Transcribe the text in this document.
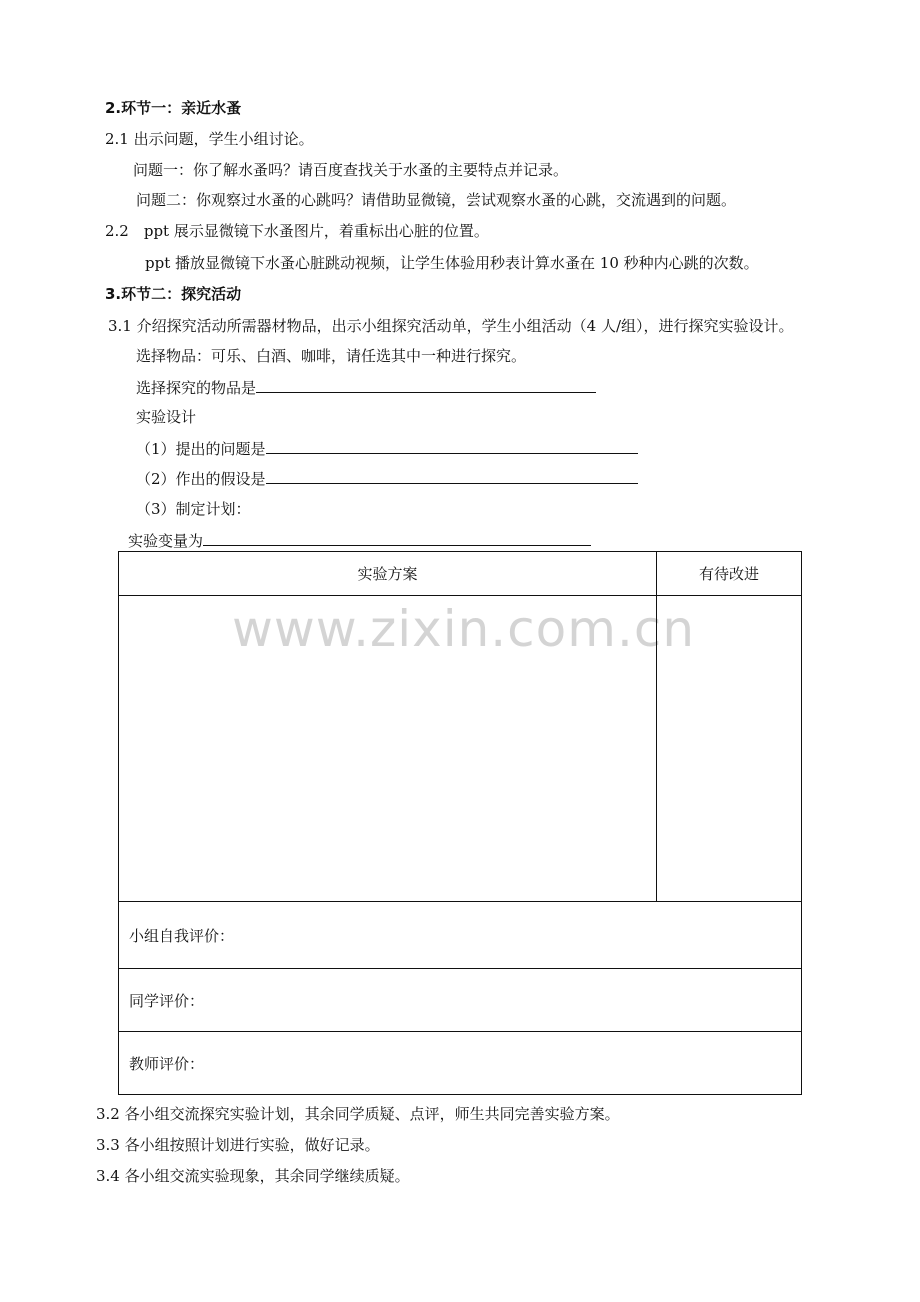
www.zixin.com.cn
2.环节一：亲近水蚤
2.1 出示问题，学生小组讨论。
问题一：你了解水蚤吗？请百度查找关于水蚤的主要特点并记录。
问题二：你观察过水蚤的心跳吗？请借助显微镜，尝试观察水蚤的心跳，交流遇到的问题。
2.2　ppt 展示显微镜下水蚤图片，着重标出心脏的位置。
ppt 播放显微镜下水蚤心脏跳动视频，让学生体验用秒表计算水蚤在 10 秒种内心跳的次数。
3.环节二：探究活动
3.1 介绍探究活动所需器材物品，出示小组探究活动单，学生小组活动（4 人/组），进行探究实验设计。
选择物品：可乐、白酒、咖啡，请任选其中一种进行探究。
选择探究的物品是
实验设计
（1）提出的问题是
（2）作出的假设是
（3）制定计划：
实验变量为
实验方案	有待改进

小组自我评价：	
同学评价：	
教师评价：	
3.2 各小组交流探究实验计划，其余同学质疑、点评，师生共同完善实验方案。
3.3 各小组按照计划进行实验，做好记录。
3.4 各小组交流实验现象，其余同学继续质疑。
